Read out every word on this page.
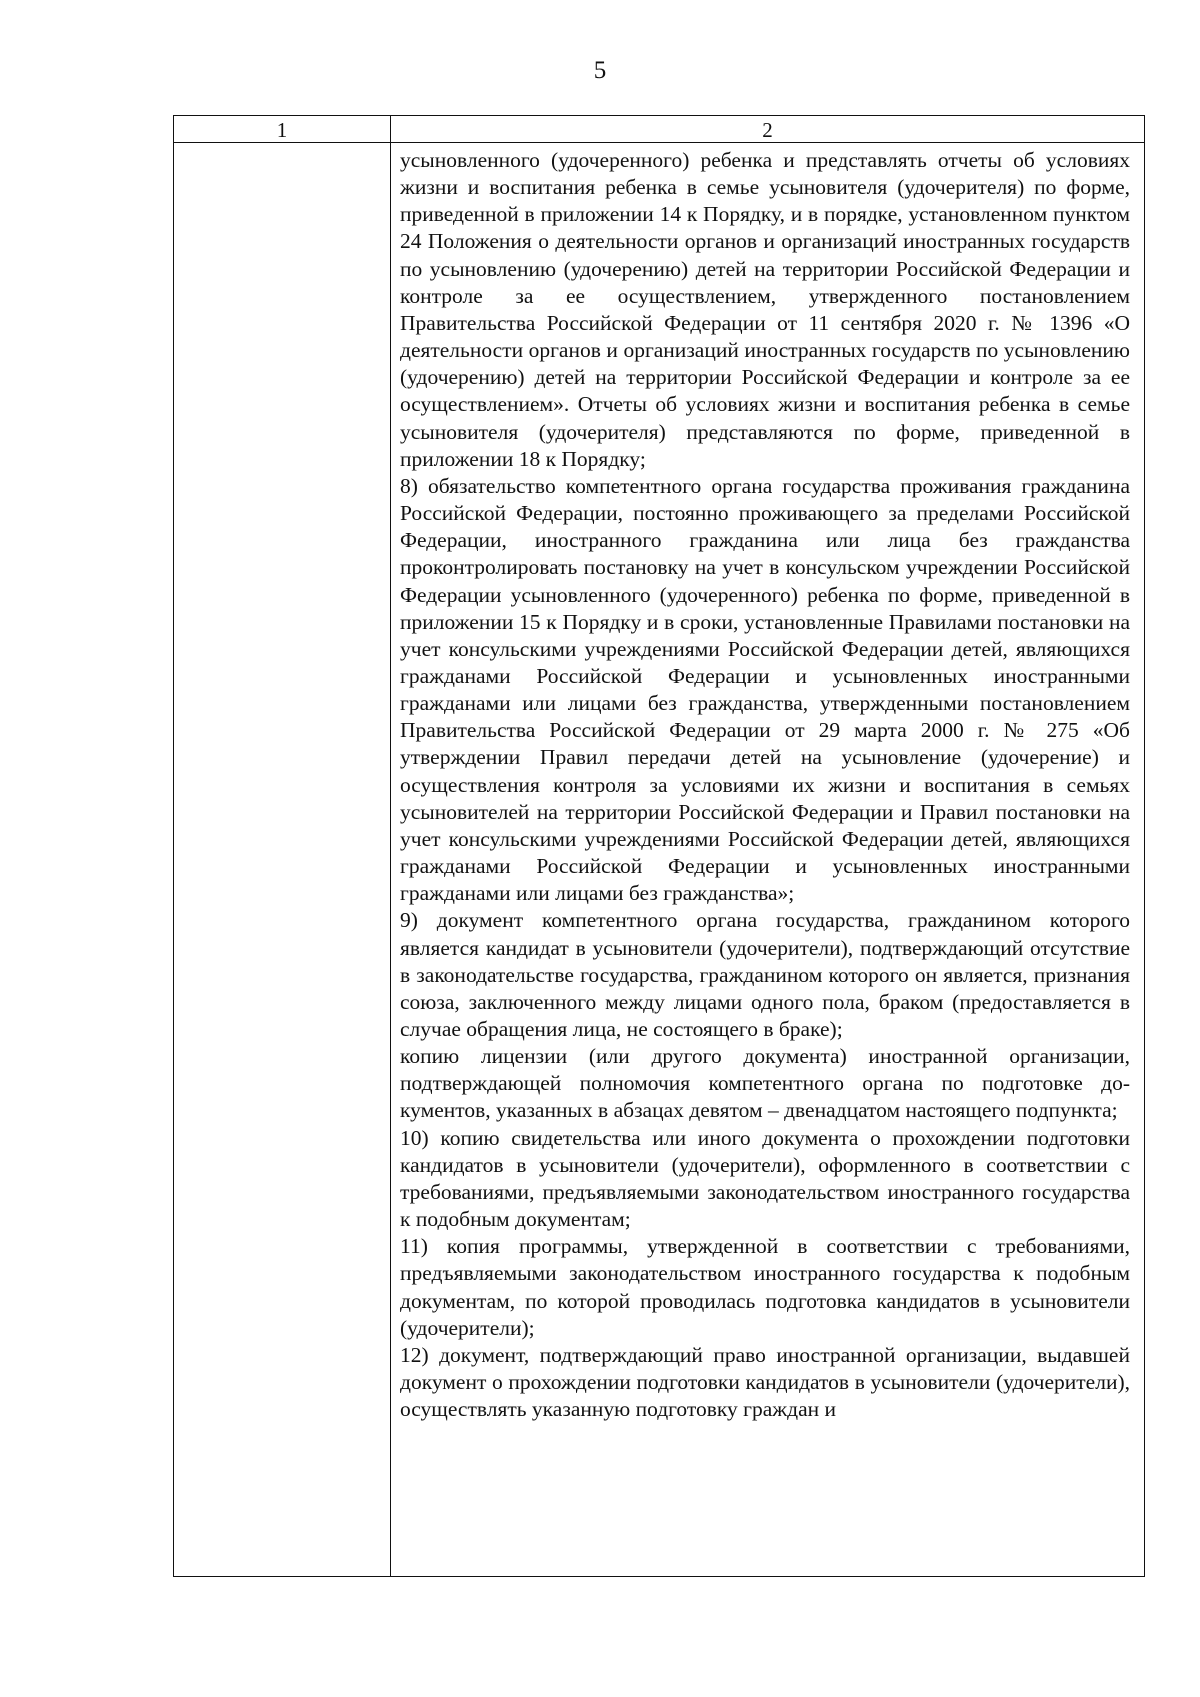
5
1	2

усыновленного (удочеренного) ребенка и представлять отчеты об условиях жизни и воспитания ребенка в семье усыновителя (удочерителя) по форме, приведенной в приложении 14 к Порядку, и в порядке, установленном пунктом 24 Положения о деятельности органов и организаций иностранных государств по усыновлению (удочерению) детей на территории Российской Федерации и контроле за ее осуществлением, утвержденного постановлением Правительства Российской Федерации от 11 сентября 2020 г. № 1396 «О деятельности органов и организаций иностранных государств по усыновлению (удочерению) детей на территории Российской Федерации и контроле за ее осуществлением». Отчеты об условиях жизни и воспитания ребенка в семье усыновителя (удочерителя) представляются по форме, приведенной в приложении 18 к Порядку;

8) обязательство компетентного органа государства проживания гражданина Российской Федерации, постоянно проживающего за пределами Российской Федерации, иностранного гражданина или лица без гражданства проконтролировать постановку на учет в консульском учреждении Российской Федерации усыновленного (удочеренного) ребенка по форме, приведенной в приложении 15 к Порядку и в сроки, установленные Правилами постановки на учет консульскими учреждениями Российской Федерации детей, являющихся гражданами Российской Федерации и усыновленных иностранными гражданами или лицами без гражданства, утвержденными постановлением Правительства Российской Федерации от 29 марта 2000 г. № 275 «Об утверждении Правил передачи детей на усыновление (удочерение) и осуществления контроля за условиями их жизни и воспитания в семьях усыновителей на территории Российской Федерации и Правил постановки на учет консульскими учреждениями Российской Федерации детей, являющихся гражданами Российской Федерации и усыновленных иностранными гражданами или лицами без гражданства»;

9) документ компетентного органа государства, гражданином которого является кандидат в усыновители (удочерители), подтверждающий отсутствие в законодательстве государства, гражданином которого он является, признания союза, заключенного между лицами одного пола, браком (предоставляется в случае обращения лица, не состоящего в браке);

копию лицензии (или другого документа) иностранной организации, подтверждающей полномочия компетентного органа по подготовке документов, указанных в абзацах девятом – двенадцатом настоящего подпункта;

10) копию свидетельства или иного документа о прохождении подготовки кандидатов в усыновители (удочерители), оформленного в соответствии с требованиями, предъявляемыми законодательством иностранного государства к подобным документам;

11) копия программы, утвержденной в соответствии с требованиями, предъявляемыми законодательством иностранного государства к подобным документам, по которой проводилась подготовка кандидатов в усыновители (удочерители);

12) документ, подтверждающий право иностранной организации, выдавшей документ о прохождении подготовки кандидатов в усыновители (удочерители), осуществлять указанную подготовку граждан и
